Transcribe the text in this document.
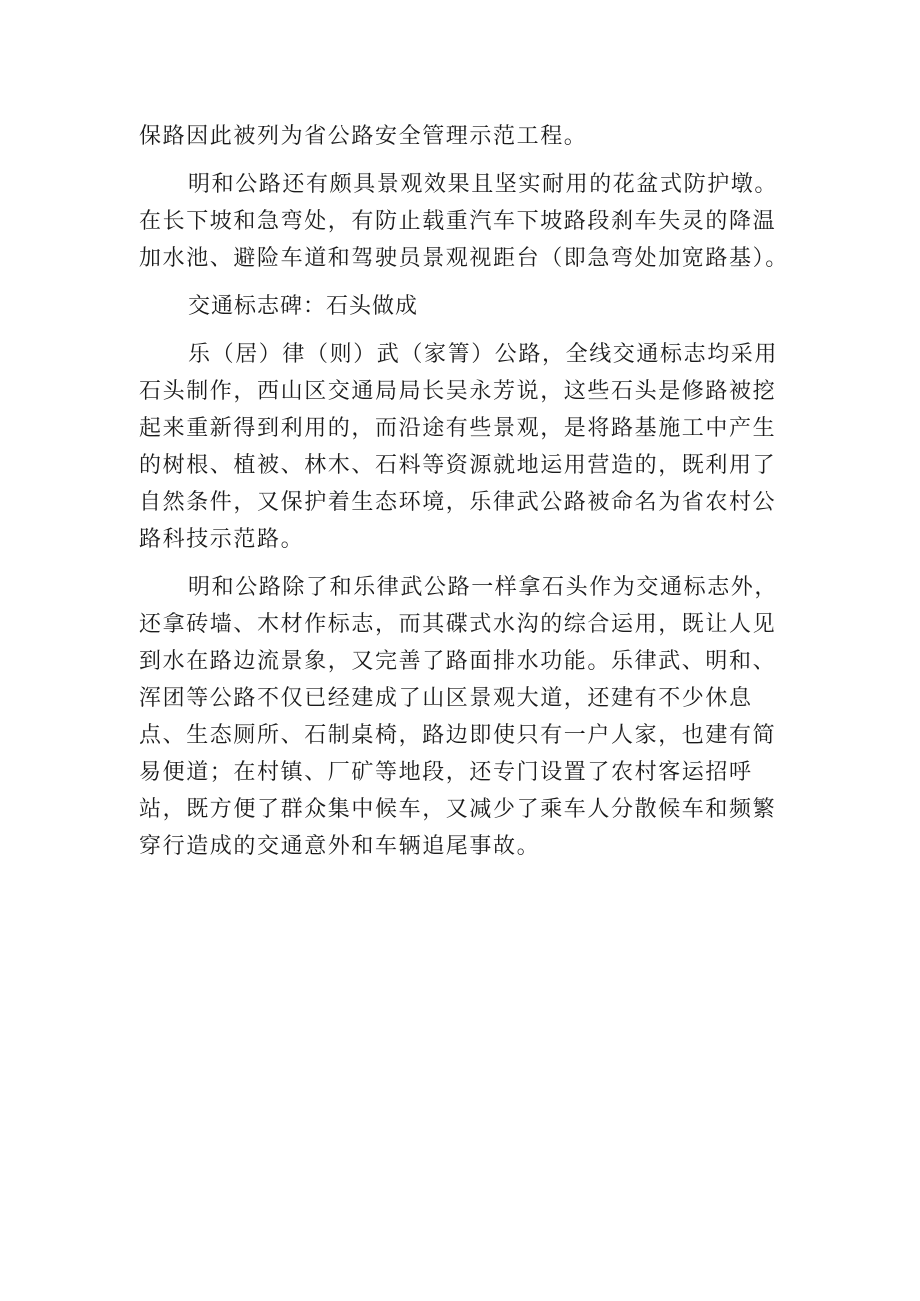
保路因此被列为省公路安全管理示范工程。

明和公路还有颇具景观效果且坚实耐用的花盆式防护墩。在长下坡和急弯处，有防止载重汽车下坡路段刹车失灵的降温加水池、避险车道和驾驶员景观视距台（即急弯处加宽路基）。

交通标志碑：石头做成

乐（居）律（则）武（家箐）公路，全线交通标志均采用石头制作，西山区交通局局长吴永芳说，这些石头是修路被挖起来重新得到利用的，而沿途有些景观，是将路基施工中产生的树根、植被、林木、石料等资源就地运用营造的，既利用了自然条件，又保护着生态环境，乐律武公路被命名为省农村公路科技示范路。

明和公路除了和乐律武公路一样拿石头作为交通标志外，还拿砖墙、木材作标志，而其碟式水沟的综合运用，既让人见到水在路边流景象，又完善了路面排水功能。乐律武、明和、浑团等公路不仅已经建成了山区景观大道，还建有不少休息点、生态厕所、石制桌椅，路边即使只有一户人家，也建有简易便道；在村镇、厂矿等地段，还专门设置了农村客运招呼站，既方便了群众集中候车，又减少了乘车人分散候车和频繁穿行造成的交通意外和车辆追尾事故。
